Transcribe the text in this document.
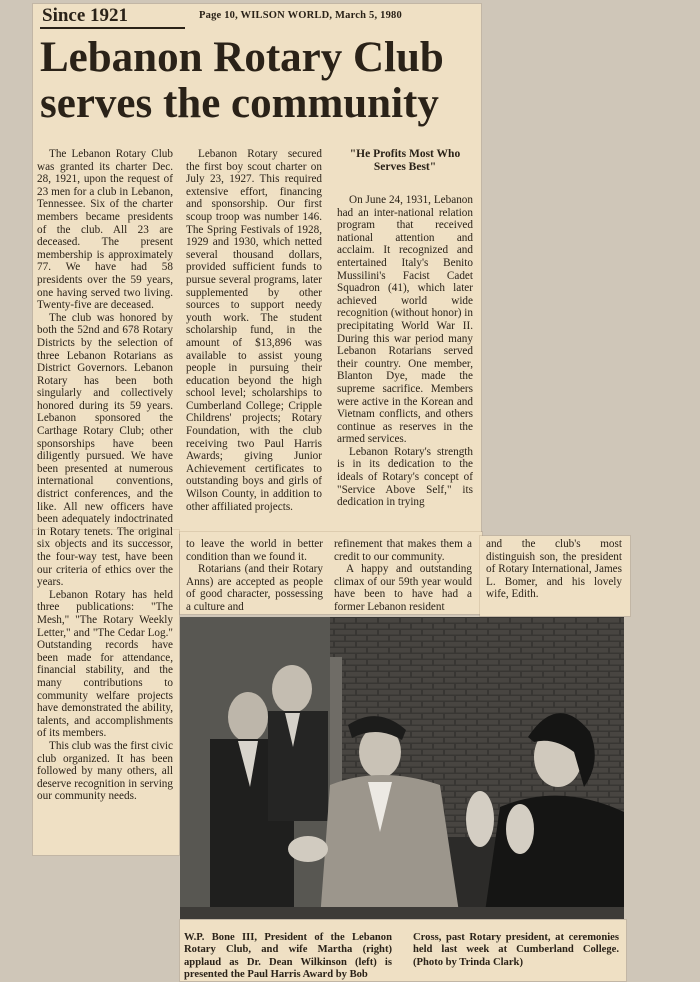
Since 1921	Page 10, WILSON WORLD, March 5, 1980
Lebanon Rotary Club
serves the community

The Lebanon Rotary Club was granted its charter Dec. 28, 1921, upon the request of 23 men for a club in Lebanon, Tennessee. Six of the charter members became presidents of the club. All 23 are deceased. The present membership is approximately 77. We have had 58 presidents over the 59 years, one having served two living. Twenty-five are deceased.

The club was honored by both the 52nd and 678 Rotary Districts by the selection of three Lebanon Rotarians as District Governors. Lebanon Rotary has been both singularly and collectively honored during its 59 years. Lebanon sponsored the Carthage Rotary Club; other sponsorships have been diligently pursued. We have been presented at numerous international conventions, district conferences, and the like. All new officers have been adequately indoctrinated in Rotary tenets. The original six objects and its successor, the four-way test, have been our criteria of ethics over the years.

Lebanon Rotary has held three publications: "The Mesh," "The Rotary Weekly Letter," and "The Cedar Log." Outstanding records have been made for attendance, financial stability, and the many contributions to community welfare projects have demonstrated the ability, talents, and accomplishments of its members.

This club was the first civic club organized. It has been followed by many others, all deserve recognition in serving our community needs.

Lebanon Rotary secured the first boy scout charter on July 23, 1927. This required extensive effort, financing and sponsorship. Our first scoup troop was number 146. The Spring Festivals of 1928, 1929 and 1930, which netted several thousand dollars, provided sufficient funds to pursue several programs, later supplemented by other sources to support needy youth work. The student scholarship fund, in the amount of $13,896 was available to assist young people in pursuing their education beyond the high school level; scholarships to Cumberland College; Cripple Childrens' projects; Rotary Foundation, with the club receiving two Paul Harris Awards; giving Junior Achievement certificates to outstanding boys and girls of Wilson County, in addition to other affiliated projects.

"He Profits Most Who Serves Best"

On June 24, 1931, Lebanon had an inter-national relation program that received national attention and acclaim. It recognized and entertained Italy's Benito Mussilini's Facist Cadet Squadron (41), which later achieved world wide recognition (without honor) in precipitating World War II. During this war period many Lebanon Rotarians served their country. One member, Blanton Dye, made the supreme sacrifice. Members were active in the Korean and Vietnam conflicts, and others continue as reserves in the armed services.

Lebanon Rotary's strength is in its dedication to the ideals of Rotary's concept of "Service Above Self," its dedication in trying

to leave the world in better condition than we found it.

Rotarians (and their Rotary Anns) are accepted as people of good character, possessing a culture and

refinement that makes them a credit to our community.

A happy and outstanding climax of our 59th year would have been to have had a former Lebanon resident

and the club's most distinguish son, the president of Rotary International, James L. Bomer, and his lovely wife, Edith.

W.P. Bone III, President of the Lebanon Rotary Club, and wife Martha (right) applaud as Dr. Dean Wilkinson (left) is presented the Paul Harris Award by Bob

Cross, past Rotary president, at ceremonies held last week at Cumberland College. (Photo by Trinda Clark)
